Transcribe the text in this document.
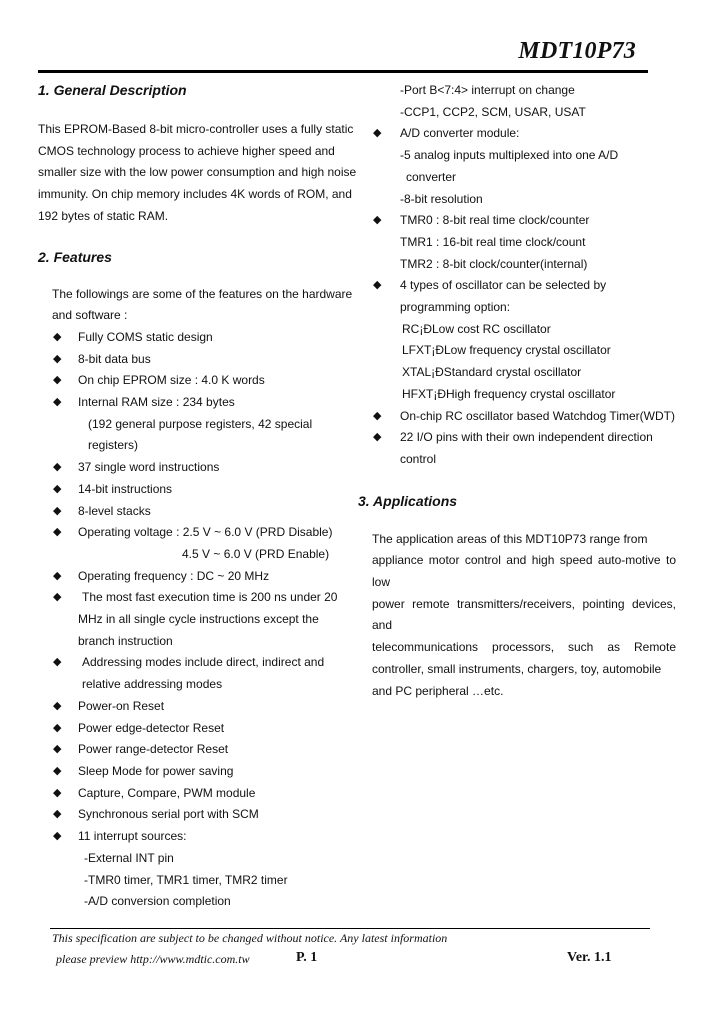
MDT10P73
1. General Description

This EPROM-Based 8-bit micro-controller uses a fully static

CMOS technology process to achieve higher speed and

smaller size with the low power consumption and high noise

immunity. On chip memory includes 4K words of ROM, and

192 bytes of static RAM.

2. Features

The followings are some of the features on the hardware

and software :

◆ Fully COMS static design
◆ 8-bit data bus
◆ On chip EPROM size : 4.0 K words
◆ Internal RAM size : 234 bytes
(192 general purpose registers, 42 special
registers)
◆ 37 single word instructions
◆ 14-bit instructions
◆ 8-level stacks
◆ Operating voltage : 2.5 V ~ 6.0 V (PRD Disable)
4.5 V ~ 6.0 V (PRD Enable)
◆ Operating frequency : DC ~ 20 MHz
◆	The most fast execution time is 200 ns under 20
MHz in all single cycle instructions except the
branch instruction
◆	Addressing modes include direct, indirect and
relative addressing modes
◆ Power-on Reset
◆ Power edge-detector Reset
◆ Power range-detector Reset
◆ Sleep Mode for power saving
◆ Capture, Compare, PWM module
◆ Synchronous serial port with SCM
◆ 11 interrupt sources:
-External INT pin
-TMR0 timer, TMR1 timer, TMR2 timer
-A/D conversion completion

-Port B<7:4> interrupt on change

-CCP1, CCP2, SCM, USAR, USAT

◆ A/D converter module:
-5 analog inputs multiplexed into one A/D
converter
-8-bit resolution
◆ TMR0 : 8-bit real time clock/counter
TMR1 : 16-bit real time clock/count
TMR2 : 8-bit clock/counter(internal)
◆ 4 types of oscillator can be selected by
programming option:
RC¡ÐLow cost RC oscillator
LFXT¡ÐLow frequency crystal oscillator
XTAL¡ÐStandard crystal oscillator
HFXT¡ÐHigh frequency crystal oscillator
◆ On-chip RC oscillator based Watchdog Timer(WDT)
◆ 22 I/O pins with their own independent direction
control
3. Applications

The application areas of this MDT10P73 range from

appliance motor control and high speed auto-motive to low

power remote transmitters/receivers, pointing devices, and

telecommunications processors, such as Remote

controller, small instruments, chargers, toy, automobile

and PC peripheral …etc.

This specification are subject to be changed without notice. Any latest information
please preview http://www.mdtic.com.tw	P. 1	Ver. 1.1
